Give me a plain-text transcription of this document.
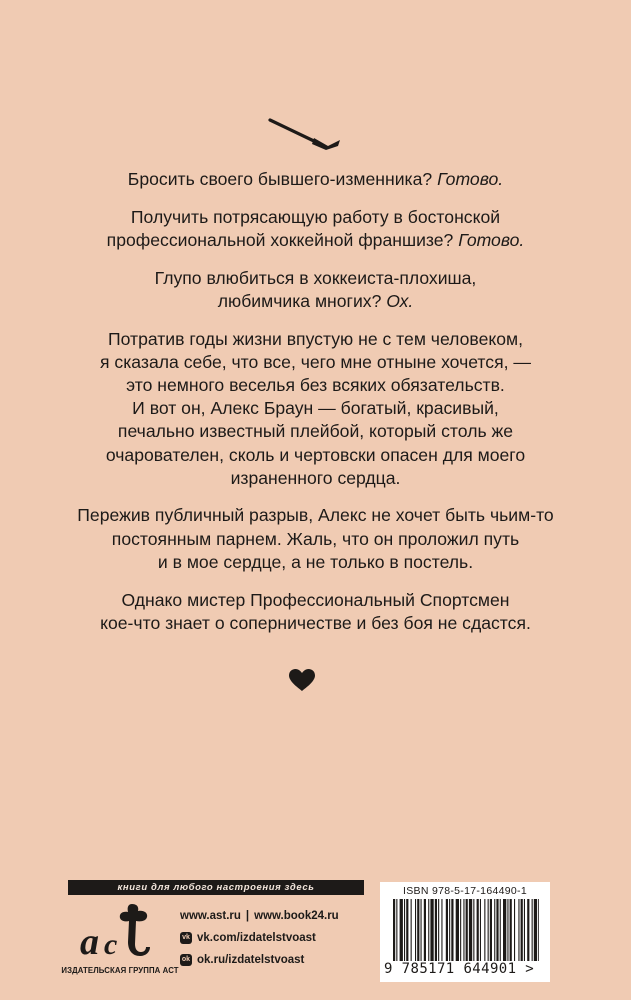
Бросить своего бывшего-изменника? Готово.

Получить потрясающую работу в бостонской
профессиональной хоккейной франшизе? Готово.

Глупо влюбиться в хоккеиста-плохиша,
любимчика многих? Ох.

Потратив годы жизни впустую не с тем человеком,
я сказала себе, что все, чего мне отныне хочется, —
это немного веселья без всяких обязательств.
И вот он, Алекс Браун — богатый, красивый,
печально известный плейбой, который столь же
очарователен, сколь и чертовски опасен для моего
израненного сердца.

Пережив публичный разрыв, Алекс не хочет быть чьим-то
постоянным парнем. Жаль, что он проложил путь
и в мое сердце, а не только в постель.

Однако мистер Профессиональный Спортсмен
кое-что знает о соперничестве и без боя не сдастся.

книги для любого настроения здесь
а с
ИЗДАТЕЛЬСКАЯ ГРУППА АСТ
www.ast.ru | www.book24.ru
vk vk.com/izdatelstvoast
ok ok.ru/izdatelstvoast
ISBN 978-5-17-164490-1
9 785171 644901 >
